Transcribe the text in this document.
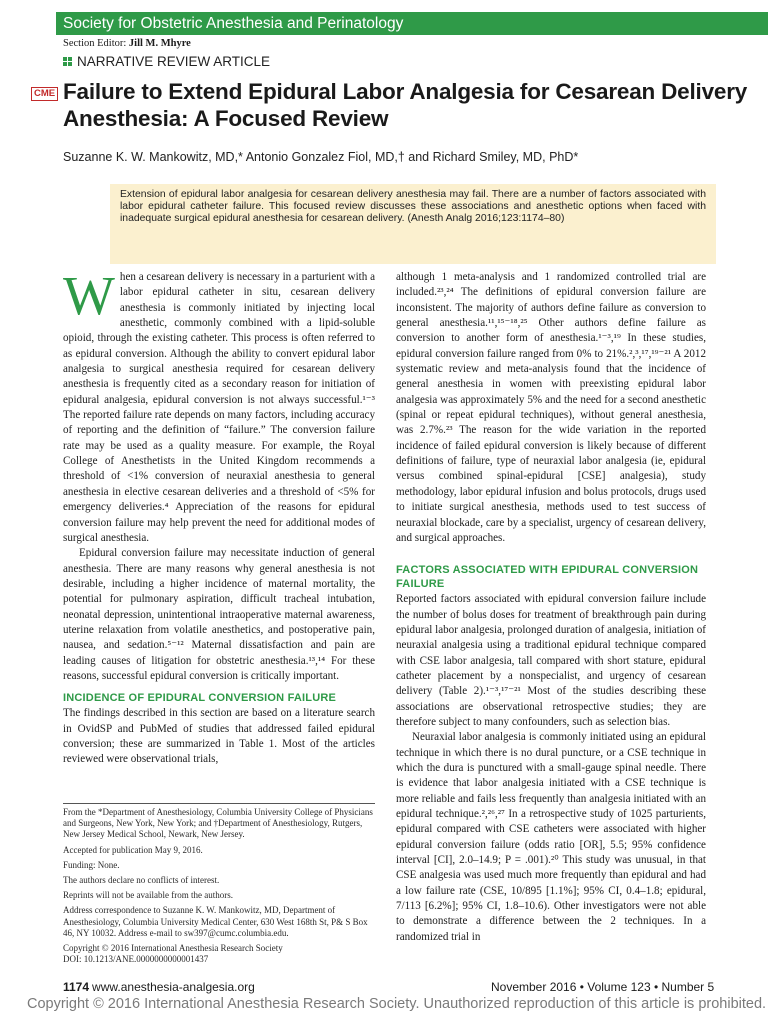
Society for Obstetric Anesthesia and Perinatology
Section Editor: Jill M. Mhyre
NARRATIVE REVIEW ARTICLE
CME Failure to Extend Epidural Labor Analgesia for Cesarean Delivery Anesthesia: A Focused Review
Suzanne K. W. Mankowitz, MD,* Antonio Gonzalez Fiol, MD,† and Richard Smiley, MD, PhD*
Extension of epidural labor analgesia for cesarean delivery anesthesia may fail. There are a number of factors associated with labor epidural catheter failure. This focused review discusses these associations and anesthetic options when faced with inadequate surgical epidural anesthesia for cesarean delivery. (Anesth Analg 2016;123:1174–80)

When a cesarean delivery is necessary in a parturient with a labor epidural catheter in situ, cesarean delivery anesthesia is commonly initiated by injecting local anesthetic, commonly combined with a lipid-soluble opioid, through the existing catheter. This process is often referred to as epidural conversion. Although the ability to convert epidural labor analgesia to surgical anesthesia required for cesarean delivery anesthesia is frequently cited as a secondary reason for initiation of epidural analgesia, epidural conversion is not always successful.¹⁻³ The reported failure rate depends on many factors, including accuracy of reporting and the definition of “failure.” The conversion failure rate may be used as a quality measure. For example, the Royal College of Anesthetists in the United Kingdom recommends a threshold of <1% conversion of neuraxial anesthesia to general anesthesia in elective cesarean deliveries and a threshold of <5% for emergency deliveries.⁴ Appreciation of the reasons for epidural conversion failure may help prevent the need for additional modes of surgical anesthesia.

Epidural conversion failure may necessitate induction of general anesthesia. There are many reasons why general anesthesia is not desirable, including a higher incidence of maternal mortality, the potential for pulmonary aspiration, difficult tracheal intubation, neonatal depression, unintentional intraoperative maternal awareness, uterine relaxation from volatile anesthetics, and postoperative pain, nausea, and sedation.⁵⁻¹² Maternal dissatisfaction and pain are leading causes of litigation for obstetric anesthesia.¹³,¹⁴ For these reasons, successful epidural conversion is critically important.

INCIDENCE OF EPIDURAL CONVERSION FAILURE

The findings described in this section are based on a literature search in OvidSP and PubMed of studies that addressed failed epidural conversion; these are summarized in Table 1. Most of the articles reviewed were observational trials,

although 1 meta-analysis and 1 randomized controlled trial are included.²³,²⁴ The definitions of epidural conversion failure are inconsistent. The majority of authors define failure as conversion to general anesthesia.¹¹,¹⁵⁻¹⁸,²⁵ Other authors define failure as conversion to another form of anesthesia.¹⁻³,¹⁹ In these studies, epidural conversion failure ranged from 0% to 21%.²,³,¹⁷,¹⁹⁻²¹ A 2012 systematic review and meta-analysis found that the incidence of general anesthesia in women with preexisting epidural labor analgesia was approximately 5% and the need for a second anesthetic (spinal or repeat epidural techniques), without general anesthesia, was 2.7%.²³ The reason for the wide variation in the reported incidence of failed epidural conversion is likely because of different definitions of failure, type of neuraxial labor analgesia (ie, epidural versus combined spinal-epidural [CSE] analgesia), study methodology, labor epidural infusion and bolus protocols, drugs used to initiate surgical anesthesia, methods used to test success of neuraxial blockade, care by a specialist, urgency of cesarean delivery, and surgical approaches.

FACTORS ASSOCIATED WITH EPIDURAL CONVERSION FAILURE

Reported factors associated with epidural conversion failure include the number of bolus doses for treatment of breakthrough pain during epidural labor analgesia, prolonged duration of analgesia, initiation of neuraxial analgesia using a traditional epidural technique compared with CSE labor analgesia, tall compared with short stature, epidural catheter placement by a nonspecialist, and urgency of cesarean delivery (Table 2).¹⁻³,¹⁷⁻²¹ Most of the studies describing these associations are observational retrospective studies; they are therefore subject to many confounders, such as selection bias.

Neuraxial labor analgesia is commonly initiated using an epidural technique in which there is no dural puncture, or a CSE technique in which the dura is punctured with a small-gauge spinal needle. There is evidence that labor analgesia initiated with a CSE technique is more reliable and fails less frequently than analgesia initiated with an epidural technique.²,²⁶,²⁷ In a retrospective study of 1025 parturients, epidural compared with CSE catheters were associated with higher epidural conversion failure (odds ratio [OR], 5.5; 95% confidence interval [CI], 2.0–14.9; P = .001).²⁰ This study was unusual, in that CSE analgesia was used much more frequently than epidural and had a low failure rate (CSE, 10/895 [1.1%]; 95% CI, 0.4–1.8; epidural, 7/113 [6.2%]; 95% CI, 1.8–10.6). Other investigators were not able to demonstrate a difference between the 2 techniques. In a randomized trial in

From the *Department of Anesthesiology, Columbia University College of Physicians and Surgeons, New York, New York; and †Department of Anesthesiology, Rutgers, New Jersey Medical School, Newark, New Jersey.

Accepted for publication May 9, 2016.

Funding: None.

The authors declare no conflicts of interest.

Reprints will not be available from the authors.

Address correspondence to Suzanne K. W. Mankowitz, MD, Department of Anesthesiology, Columbia University Medical Center, 630 West 168th St, P& S Box 46, NY 10032. Address e-mail to sw397@cumc.columbia.edu.

Copyright © 2016 International Anesthesia Research Society

DOI: 10.1213/ANE.0000000000001437

1174 www.anesthesia-analgesia.org	November 2016 • Volume 123 • Number 5
Copyright © 2016 International Anesthesia Research Society. Unauthorized reproduction of this article is prohibited.
